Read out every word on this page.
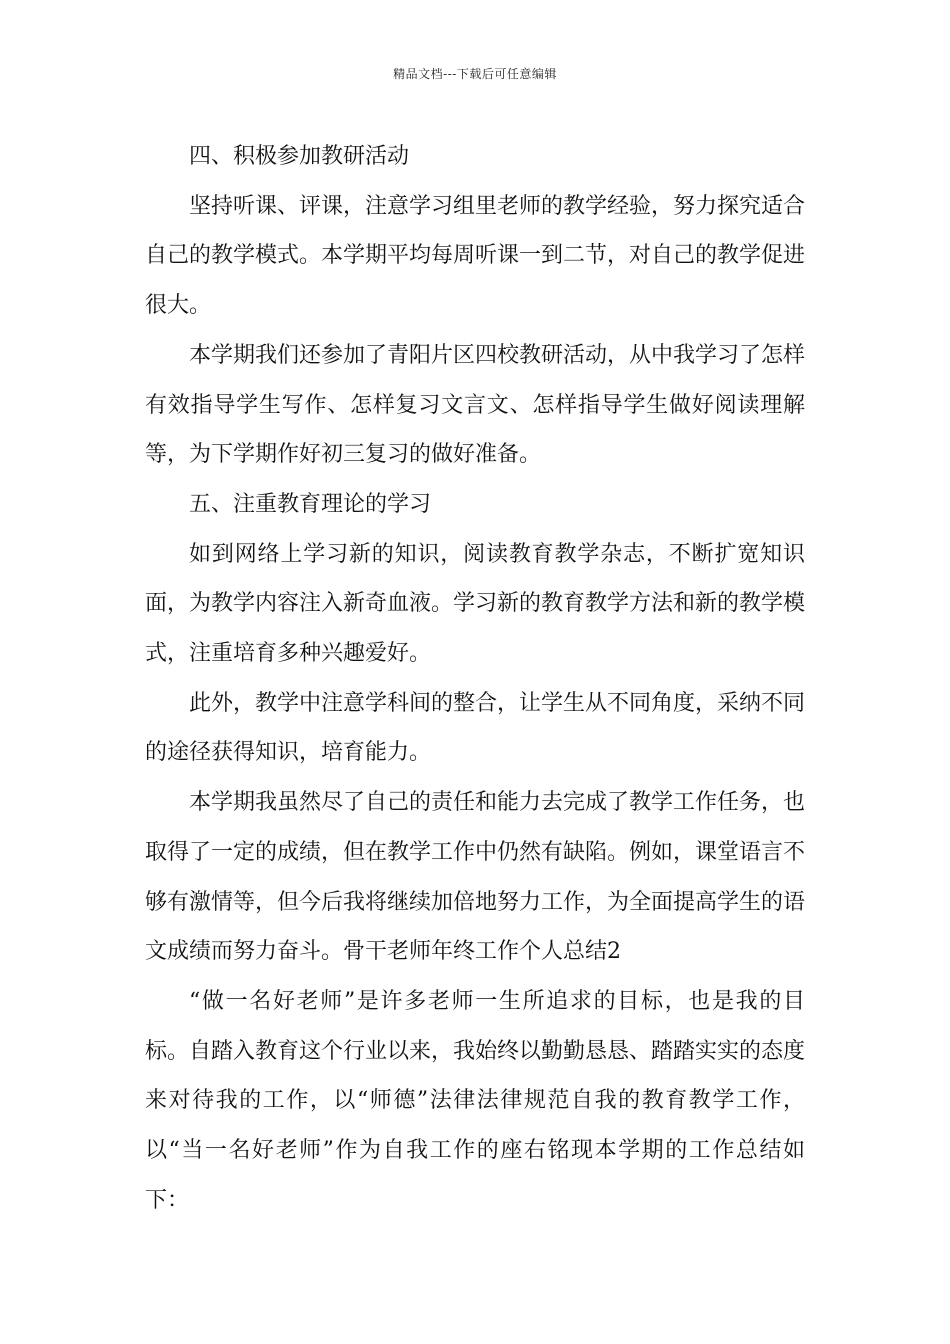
精品文档---下载后可任意编辑

四、积极参加教研活动

坚持听课、评课，注意学习组里老师的教学经验，努力探究适合自己的教学模式。本学期平均每周听课一到二节，对自己的教学促进很大。

本学期我们还参加了青阳片区四校教研活动，从中我学习了怎样有效指导学生写作、怎样复习文言文、怎样指导学生做好阅读理解等，为下学期作好初三复习的做好准备。

五、注重教育理论的学习

如到网络上学习新的知识，阅读教育教学杂志，不断扩宽知识面，为教学内容注入新奇血液。学习新的教育教学方法和新的教学模式，注重培育多种兴趣爱好。

此外，教学中注意学科间的整合，让学生从不同角度，采纳不同的途径获得知识，培育能力。

本学期我虽然尽了自己的责任和能力去完成了教学工作任务，也取得了一定的成绩，但在教学工作中仍然有缺陷。例如，课堂语言不够有激情等，但今后我将继续加倍地努力工作，为全面提高学生的语文成绩而努力奋斗。骨干老师年终工作个人总结2

“做一名好老师”是许多老师一生所追求的目标，也是我的目标。自踏入教育这个行业以来，我始终以勤勤恳恳、踏踏实实的态度来对待我的工作，以“师德”法律法律规范自我的教育教学工作，以“当一名好老师”作为自我工作的座右铭现本学期的工作总结如下：
